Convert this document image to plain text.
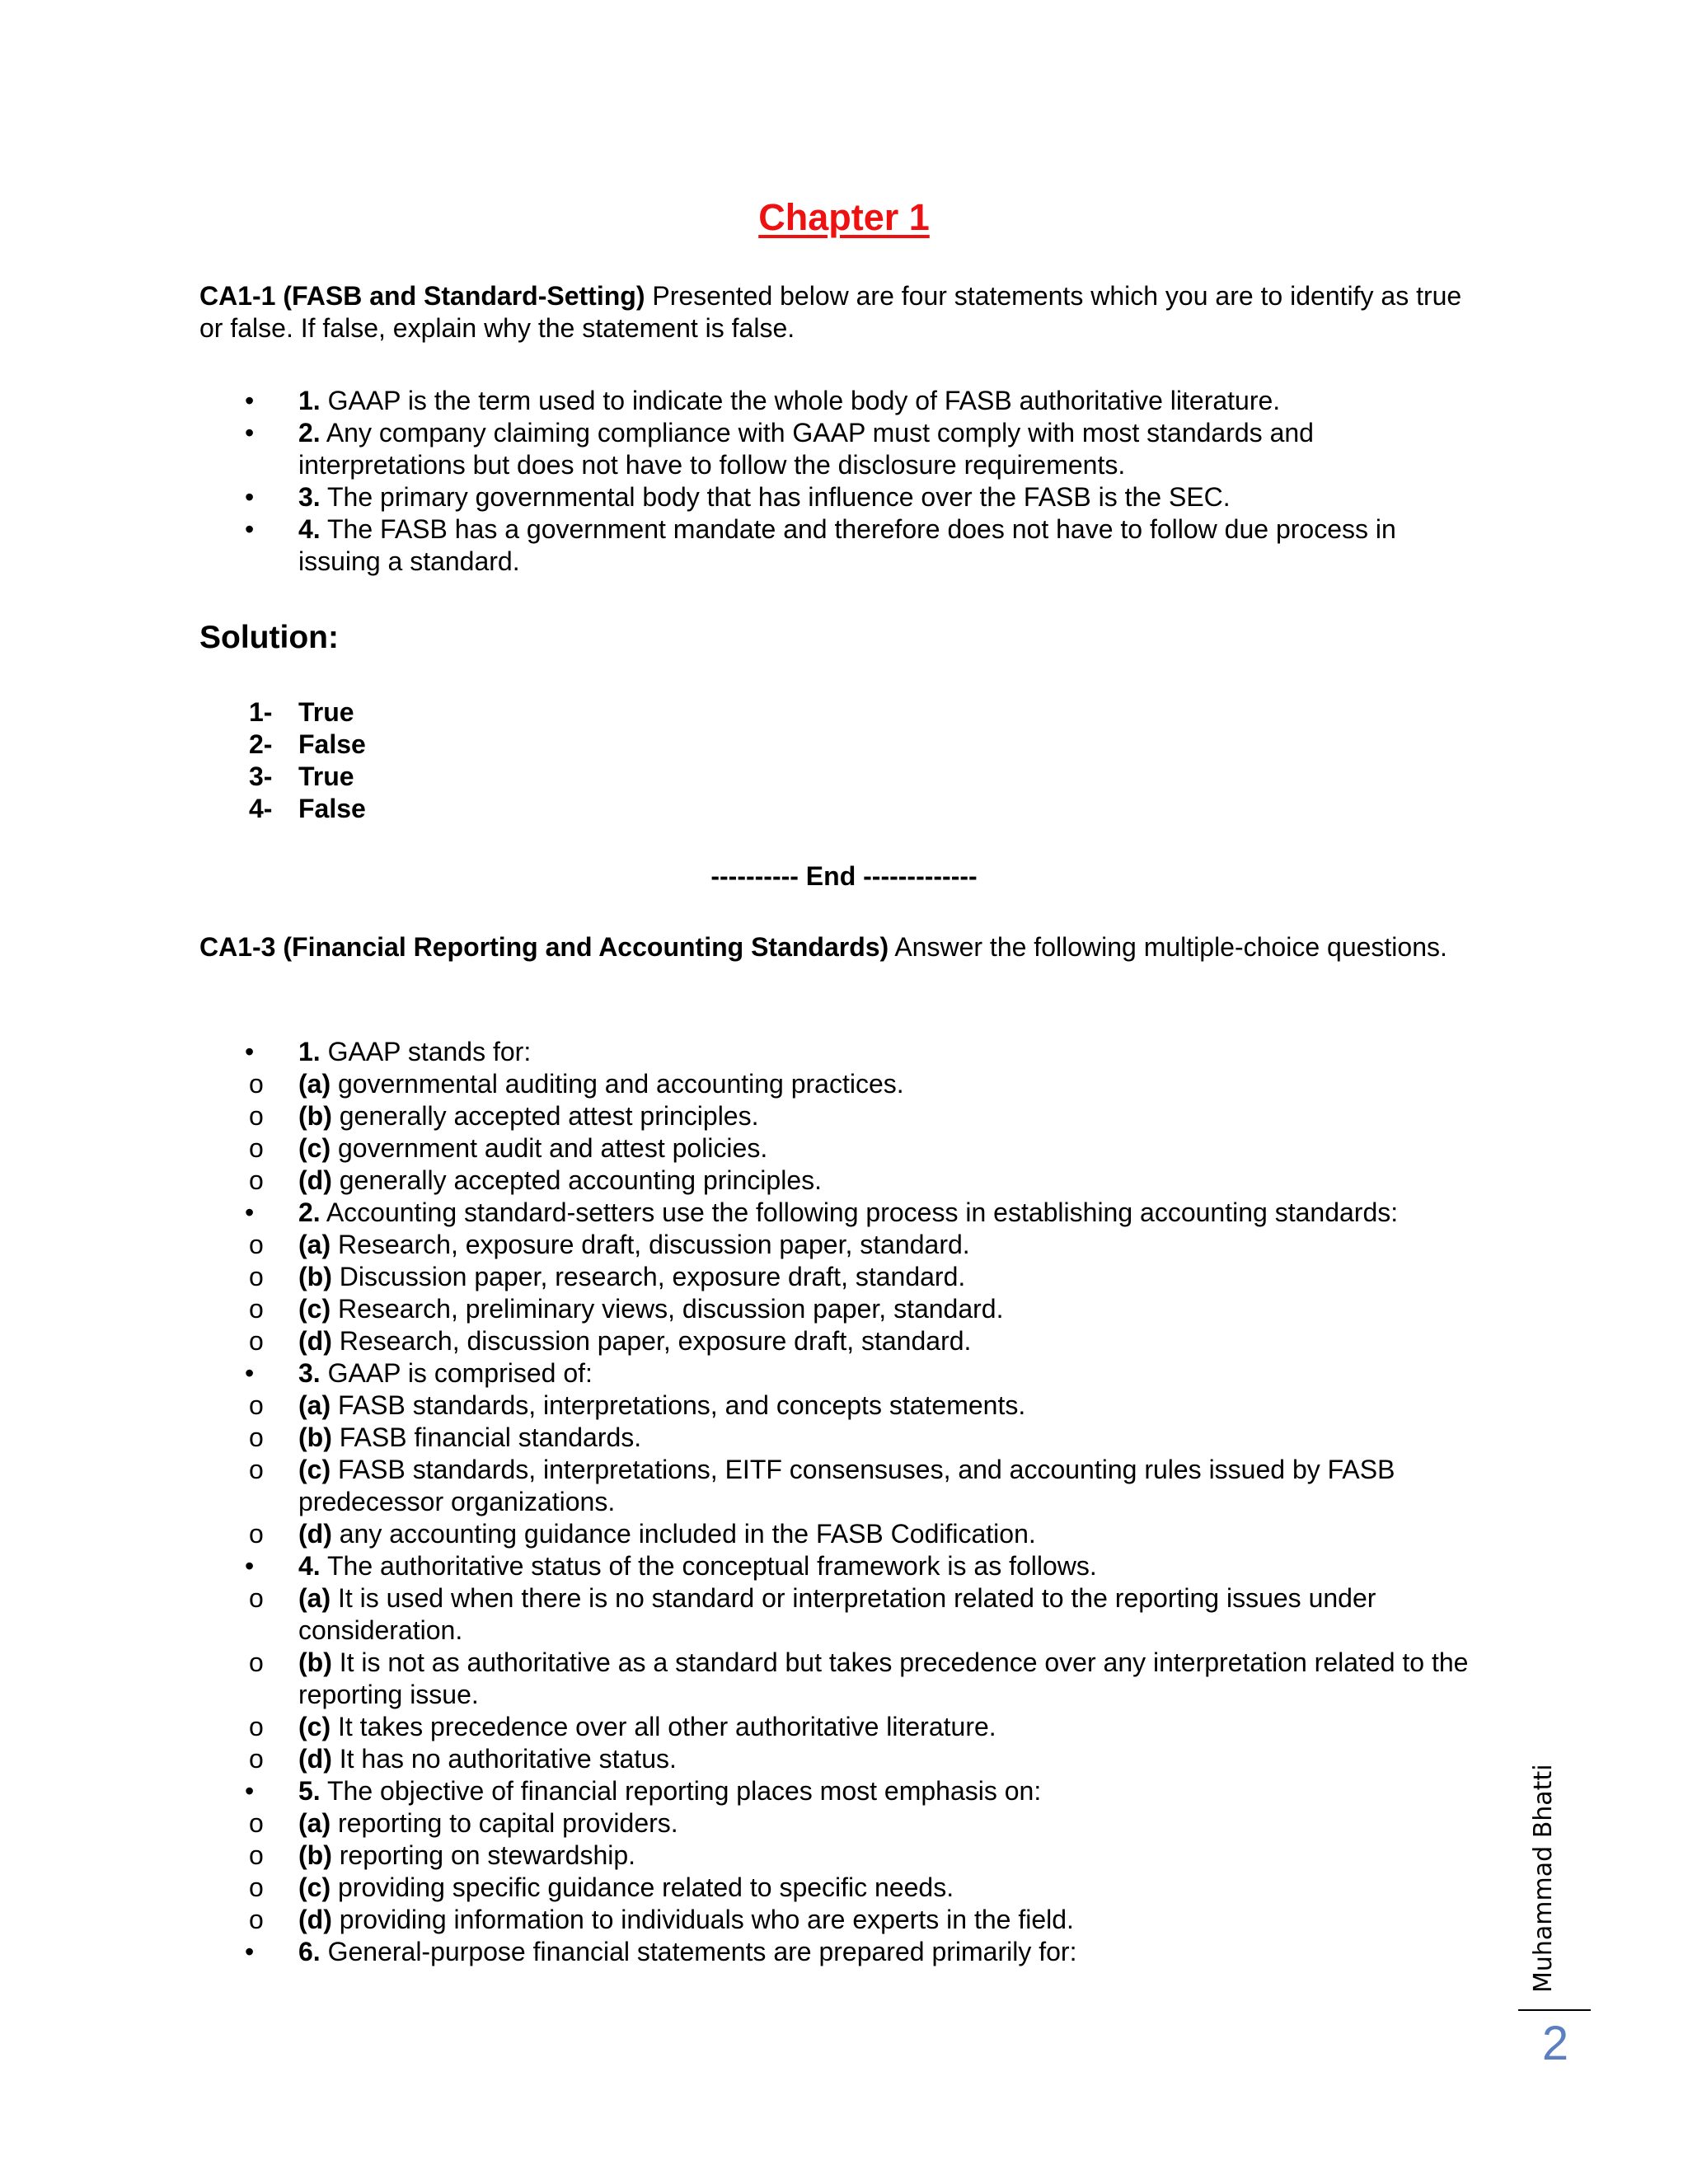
Chapter 1

CA1-1 (FASB and Standard-Setting) Presented below are four statements which you are to identify as true or false. If false, explain why the statement is false.

• 1. GAAP is the term used to indicate the whole body of FASB authoritative literature.
• 2. Any company claiming compliance with GAAP must comply with most standards and interpretations but does not have to follow the disclosure requirements.
• 3. The primary governmental body that has influence over the FASB is the SEC.
• 4. The FASB has a government mandate and therefore does not have to follow due process in issuing a standard.
Solution:
1- True
2- False
3- True
4- False
---------- End -------------

CA1-3 (Financial Reporting and Accounting Standards) Answer the following multiple-choice questions.

• 1. GAAP stands for:
o (a) governmental auditing and accounting practices.
o (b) generally accepted attest principles.
o (c) government audit and attest policies.
o (d) generally accepted accounting principles.
• 2. Accounting standard-setters use the following process in establishing accounting standards:
o (a) Research, exposure draft, discussion paper, standard.
o (b) Discussion paper, research, exposure draft, standard.
o (c) Research, preliminary views, discussion paper, standard.
o (d) Research, discussion paper, exposure draft, standard.
• 3. GAAP is comprised of:
o (a) FASB standards, interpretations, and concepts statements.
o (b) FASB financial standards.
o (c) FASB standards, interpretations, EITF consensuses, and accounting rules issued by FASB predecessor organizations.
o (d) any accounting guidance included in the FASB Codification.
• 4. The authoritative status of the conceptual framework is as follows.
o (a) It is used when there is no standard or interpretation related to the reporting issues under consideration.
o (b) It is not as authoritative as a standard but takes precedence over any interpretation related to the reporting issue.
o (c) It takes precedence over all other authoritative literature.
o (d) It has no authoritative status.
• 5. The objective of financial reporting places most emphasis on:
o (a) reporting to capital providers.
o (b) reporting on stewardship.
o (c) providing specific guidance related to specific needs.
o (d) providing information to individuals who are experts in the field.
• 6. General-purpose financial statements are prepared primarily for:	Muhammad Bhatti
2
